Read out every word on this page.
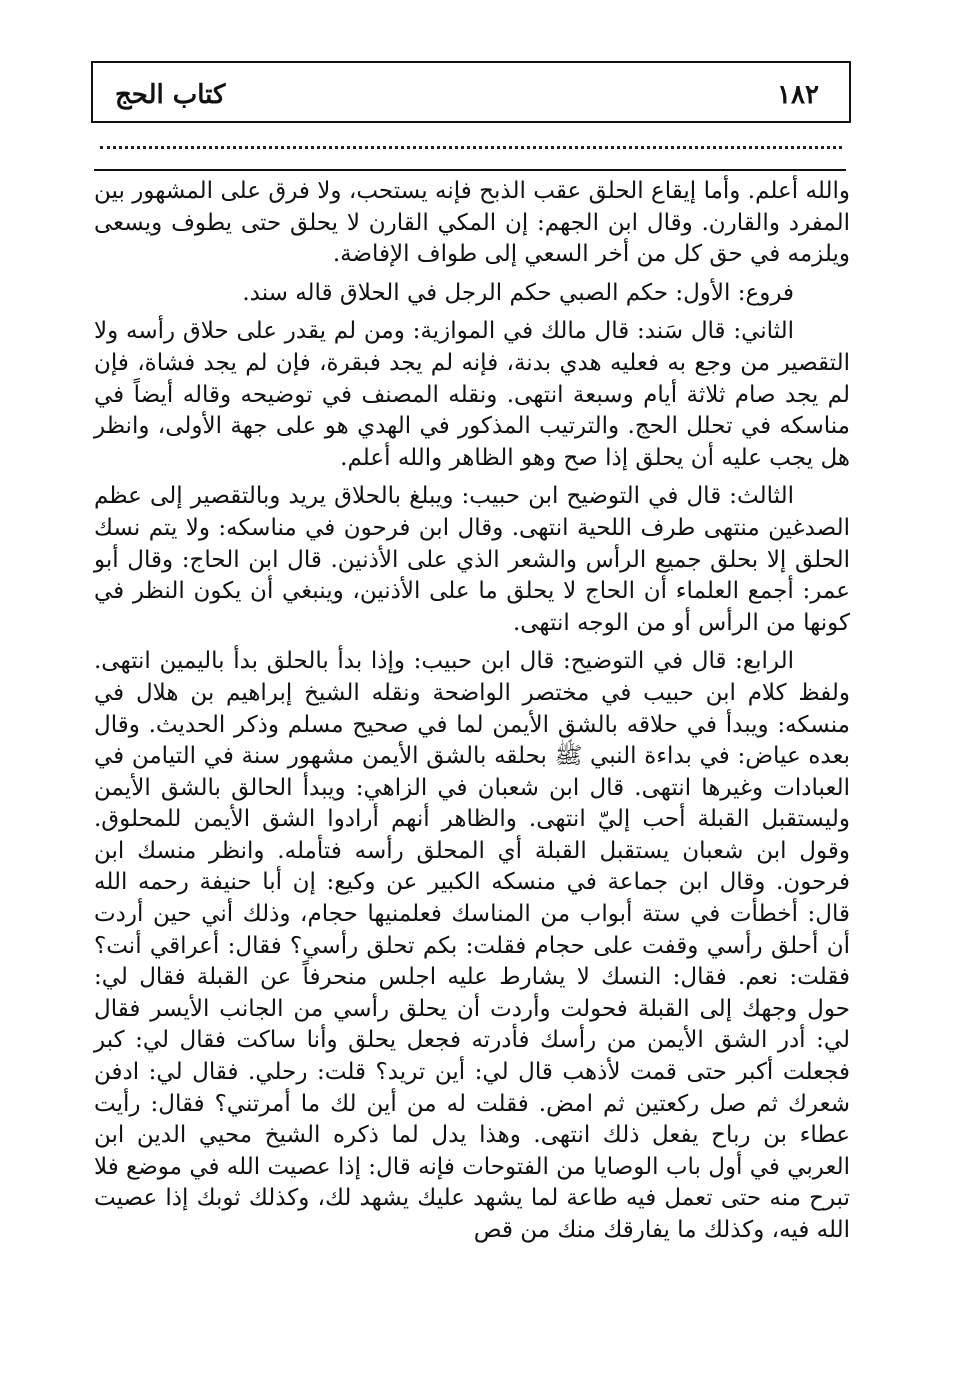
١٨٢
كتاب الحج

والله أعلم. وأما إيقاع الحلق عقب الذبح فإنه يستحب، ولا فرق على المشهور بين المفرد والقارن. وقال ابن الجهم: إن المكي القارن لا يحلق حتى يطوف ويسعى ويلزمه في حق كل من أخر السعي إلى طواف الإفاضة.

فروع: الأول: حكم الصبي حكم الرجل في الحلاق قاله سند.

الثاني: قال سَند: قال مالك في الموازية: ومن لم يقدر على حلاق رأسه ولا التقصير من وجع به فعليه هدي بدنة، فإنه لم يجد فبقرة، فإن لم يجد فشاة، فإن لم يجد صام ثلاثة أيام وسبعة انتهى. ونقله المصنف في توضيحه وقاله أيضاً في مناسكه في تحلل الحج. والترتيب المذكور في الهدي هو على جهة الأولى، وانظر هل يجب عليه أن يحلق إذا صح وهو الظاهر والله أعلم.

الثالث: قال في التوضيح ابن حبيب: ويبلغ بالحلاق يريد وبالتقصير إلى عظم الصدغين منتهى طرف اللحية انتهى. وقال ابن فرحون في مناسكه: ولا يتم نسك الحلق إلا بحلق جميع الرأس والشعر الذي على الأذنين. قال ابن الحاج: وقال أبو عمر: أجمع العلماء أن الحاج لا يحلق ما على الأذنين، وينبغي أن يكون النظر في كونها من الرأس أو من الوجه انتهى.

الرابع: قال في التوضيح: قال ابن حبيب: وإذا بدأ بالحلق بدأ باليمين انتهى. ولفظ كلام ابن حبيب في مختصر الواضحة ونقله الشيخ إبراهيم بن هلال في منسكه: ويبدأ في حلاقه بالشق الأيمن لما في صحيح مسلم وذكر الحديث. وقال بعده عياض: في بداءة النبي ﷺ بحلقه بالشق الأيمن مشهور سنة في التيامن في العبادات وغيرها انتهى. قال ابن شعبان في الزاهي: ويبدأ الحالق بالشق الأيمن وليستقبل القبلة أحب إليّ انتهى. والظاهر أنهم أرادوا الشق الأيمن للمحلوق. وقول ابن شعبان يستقبل القبلة أي المحلق رأسه فتأمله. وانظر منسك ابن فرحون. وقال ابن جماعة في منسكه الكبير عن وكيع: إن أبا حنيفة رحمه الله قال: أخطأت في ستة أبواب من المناسك فعلمنيها حجام، وذلك أني حين أردت أن أحلق رأسي وقفت على حجام فقلت: بكم تحلق رأسي؟ فقال: أعراقي أنت؟ فقلت: نعم. فقال: النسك لا يشارط عليه اجلس منحرفاً عن القبلة فقال لي: حول وجهك إلى القبلة فحولت وأردت أن يحلق رأسي من الجانب الأيسر فقال لي: أدر الشق الأيمن من رأسك فأدرته فجعل يحلق وأنا ساكت فقال لي: كبر فجعلت أكبر حتى قمت لأذهب قال لي: أين تريد؟ قلت: رحلي. فقال لي: ادفن شعرك ثم صل ركعتين ثم امض. فقلت له من أين لك ما أمرتني؟ فقال: رأيت عطاء بن رباح يفعل ذلك انتهى. وهذا يدل لما ذكره الشيخ محيي الدين ابن العربي في أول باب الوصايا من الفتوحات فإنه قال: إذا عصيت الله في موضع فلا تبرح منه حتى تعمل فيه طاعة لما يشهد عليك يشهد لك، وكذلك ثوبك إذا عصيت الله فيه، وكذلك ما يفارقك منك من قص
